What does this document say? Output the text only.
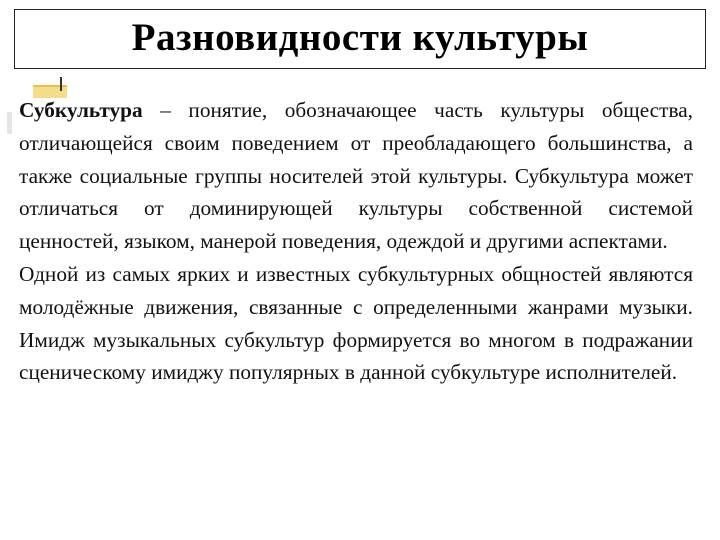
Разновидности культуры

Субкультура – понятие, обозначающее часть культуры общества, отличающейся своим поведением от преобладающего большинства, а также социальные группы носителей этой культуры. Субкультура может отличаться от доминирующей культуры собственной системой ценностей, языком, манерой поведения, одеждой и другими аспектами.

Одной из самых ярких и известных субкультурных общностей являются молодёжные движения, связанные с определенными жанрами музыки. Имидж музыкальных субкультур формируется во многом в подражании сценическому имиджу популярных в данной субкультуре исполнителей.
